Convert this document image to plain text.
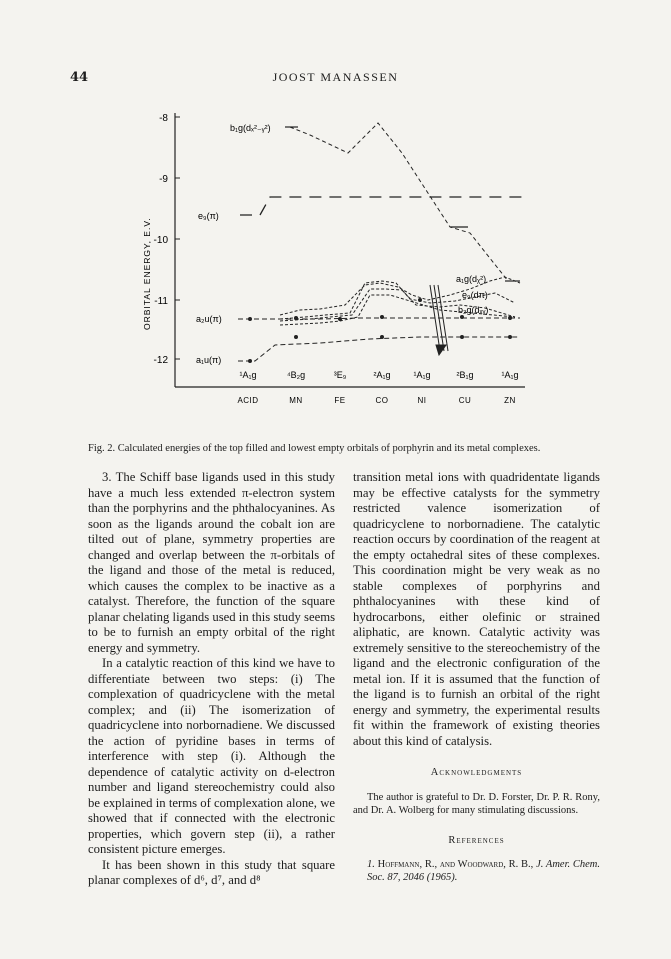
44	JOOST MANASSEN
-8
-9
-10
-11
-12
ORBITAL ENERGY, E.V.
b₁g(dₓ²₋ᵧ²)
e₉(π)
a₂u(π)
a₁u(π)
a₁g(dᵪ²)
e₉(dπ)
b₂g(dₓᵧ)
¹A₁g	⁴B₂g	³E₉	²A₁g	¹A₁g	²B₁g	¹A₁g
ACID	MN	FE	CO	NI	CU	ZN
Fig. 2. Calculated energies of the top filled and lowest empty orbitals of porphyrin and its metal complexes.

3. The Schiff base ligands used in this study have a much less extended π-electron system than the porphyrins and the phthalocyanines. As soon as the ligands around the cobalt ion are tilted out of plane, symmetry properties are changed and overlap between the π-orbitals of the ligand and those of the metal is reduced, which causes the complex to be inactive as a catalyst. Therefore, the function of the square planar chelating ligands used in this study seems to be to furnish an empty orbital of the right energy and symmetry.

In a catalytic reaction of this kind we have to differentiate between two steps: (i) The complexation of quadricyclene with the metal complex; and (ii) The isomerization of quadricyclene into norbornadiene. We discussed the action of pyridine bases in terms of interference with step (i). Although the dependence of catalytic activity on d-electron number and ligand stereochemistry could also be explained in terms of complexation alone, we showed that if connected with the electronic properties, which govern step (ii), a rather consistent picture emerges.

It has been shown in this study that square planar complexes of d⁶, d⁷, and d⁸

transition metal ions with quadridentate ligands may be effective catalysts for the symmetry restricted valence isomerization of quadricyclene to norbornadiene. The catalytic reaction occurs by coordination of the reagent at the empty octahedral sites of these complexes. This coordination might be very weak as no stable complexes of porphyrins and phthalocyanines with these kind of hydrocarbons, either olefinic or strained aliphatic, are known. Catalytic activity was extremely sensitive to the stereochemistry of the ligand and the electronic configuration of the metal ion. If it is assumed that the function of the ligand is to furnish an orbital of the right energy and symmetry, the experimental results fit within the framework of existing theories about this kind of catalysis.

Acknowledgments

The author is grateful to Dr. D. Forster, Dr. P. R. Rony, and Dr. A. Wolberg for many stimulating discussions.

References

1. Hoffmann, R., and Woodward, R. B., J. Amer. Chem. Soc. 87, 2046 (1965).
